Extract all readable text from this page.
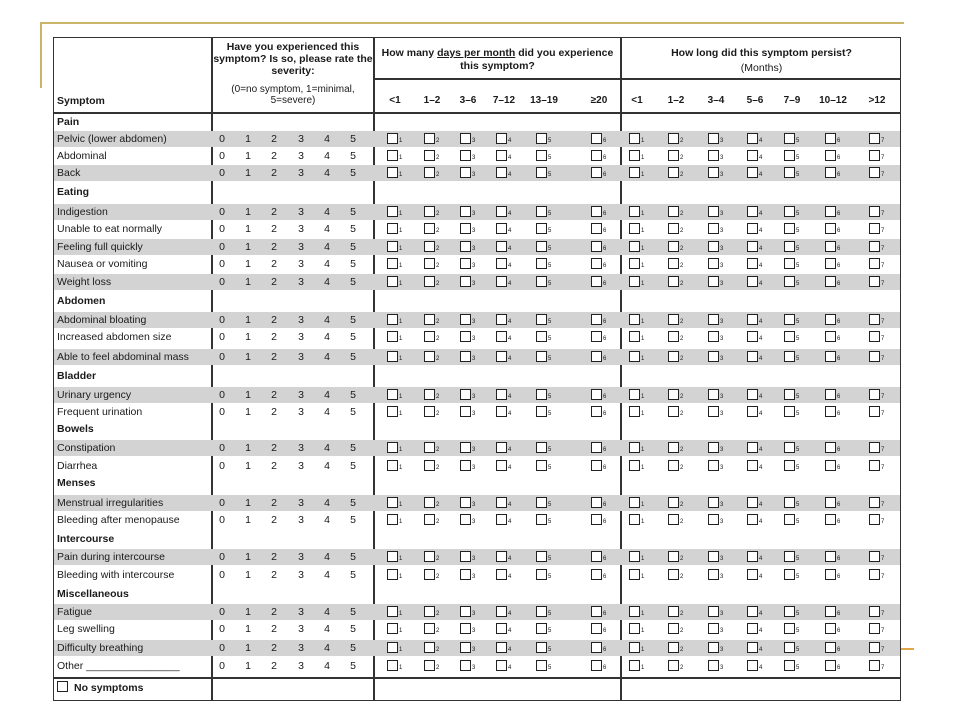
Symptom
Have you experienced this symptom? Is so, please rate the severity:
(0=no symptom, 1=minimal, 5=severe)
How many days per month did you experience this symptom?
How long did this symptom persist?
(Months)
<1	1–2	3–6	7–12	13–19	≥20	<1	1–2	3–4	5–6	7–9	10–12	>12
Pain
Pelvic (lower abdomen)	0 1 2 3 4 5	1	2	3	4	5	6	1	2	3	4	5	6	7
Abdominal	0 1 2 3 4 5	1	2	3	4	5	6	1	2	3	4	5	6	7
Back	0 1 2 3 4 5	1	2	3	4	5	6	1	2	3	4	5	6	7
Eating
Indigestion	0 1 2 3 4 5	1	2	3	4	5	6	1	2	3	4	5	6	7
Unable to eat normally	0 1 2 3 4 5	1	2	3	4	5	6	1	2	3	4	5	6	7
Feeling full quickly	0 1 2 3 4 5	1	2	3	4	5	6	1	2	3	4	5	6	7
Nausea or vomiting	0 1 2 3 4 5	1	2	3	4	5	6	1	2	3	4	5	6	7
Weight loss	0 1 2 3 4 5	1	2	3	4	5	6	1	2	3	4	5	6	7
Abdomen
Abdominal bloating	0 1 2 3 4 5	1	2	3	4	5	6	1	2	3	4	5	6	7
Increased abdomen size	0 1 2 3 4 5	1	2	3	4	5	6	1	2	3	4	5	6	7
Able to feel abdominal mass	0 1 2 3 4 5	1	2	3	4	5	6	1	2	3	4	5	6	7
Bladder
Urinary urgency	0 1 2 3 4 5	1	2	3	4	5	6	1	2	3	4	5	6	7
Frequent urination	0 1 2 3 4 5	1	2	3	4	5	6	1	2	3	4	5	6	7
Bowels
Constipation	0 1 2 3 4 5	1	2	3	4	5	6	1	2	3	4	5	6	7
Diarrhea	0 1 2 3 4 5	1	2	3	4	5	6	1	2	3	4	5	6	7
Menses
Menstrual irregularities	0 1 2 3 4 5	1	2	3	4	5	6	1	2	3	4	5	6	7
Bleeding after menopause	0 1 2 3 4 5	1	2	3	4	5	6	1	2	3	4	5	6	7
Intercourse
Pain during intercourse	0 1 2 3 4 5	1	2	3	4	5	6	1	2	3	4	5	6	7
Bleeding with intercourse	0 1 2 3 4 5	1	2	3	4	5	6	1	2	3	4	5	6	7
Miscellaneous
Fatigue	0 1 2 3 4 5	1	2	3	4	5	6	1	2	3	4	5	6	7
Leg swelling	0 1 2 3 4 5	1	2	3	4	5	6	1	2	3	4	5	6	7
Difficulty breathing	0 1 2 3 4 5	1	2	3	4	5	6	1	2	3	4	5	6	7
Other ________________	0 1 2 3 4 5	1	2	3	4	5	6	1	2	3	4	5	6	7
No symptoms
